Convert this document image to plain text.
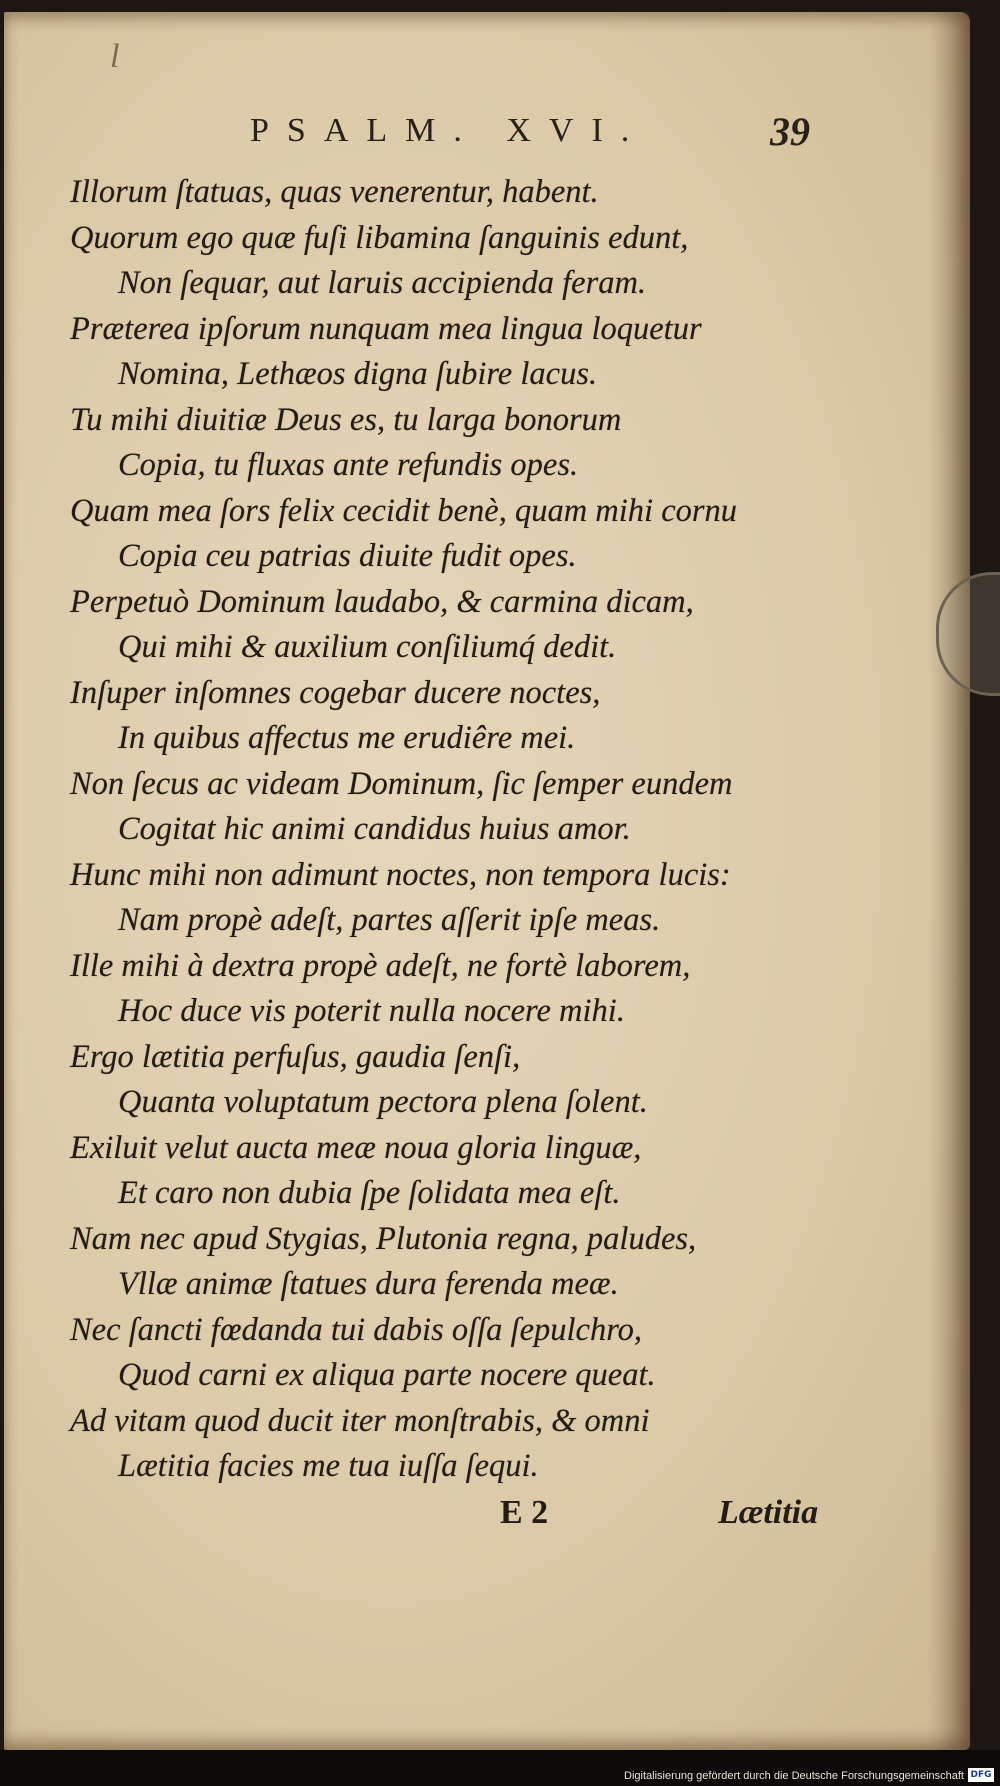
l
PSALM. XVI.	39
Illorum ſtatuas, quas venerentur, habent.
Quorum ego quæ fuſi libamina ſanguinis edunt,
Non ſequar, aut laruis accipienda feram.
Præterea ipſorum nunquam mea lingua loquetur
Nomina, Lethæos digna ſubire lacus.
Tu mihi diuitiæ Deus es, tu larga bonorum
Copia, tu fluxas ante refundis opes.
Quam mea ſors felix cecidit benè, quam mihi cornu
Copia ceu patrias diuite fudit opes.
Perpetuò Dominum laudabo, & carmina dicam,
Qui mihi & auxilium conſiliumq́ dedit.
Inſuper inſomnes cogebar ducere noctes,
In quibus affectus me erudiêre mei.
Non ſecus ac videam Dominum, ſic ſemper eundem
Cogitat hic animi candidus huius amor.
Hunc mihi non adimunt noctes, non tempora lucis:
Nam propè adeſt, partes aſſerit ipſe meas.
Ille mihi à dextra propè adeſt, ne fortè laborem,
Hoc duce vis poterit nulla nocere mihi.
Ergo lætitia perfuſus, gaudia ſenſi,
Quanta voluptatum pectora plena ſolent.
Exiluit velut aucta meæ noua gloria linguæ,
Et caro non dubia ſpe ſolidata mea eſt.
Nam nec apud Stygias, Plutonia regna, paludes,
Vllæ animæ ſtatues dura ferenda meæ.
Nec ſancti fœdanda tui dabis oſſa ſepulchro,
Quod carni ex aliqua parte nocere queat.
Ad vitam quod ducit iter monſtrabis, & omni
Lætitia facies me tua iuſſa ſequi.
E 2	Lætitia
Digitalisierung gefördert durch die Deutsche Forschungsgemeinschaft DFG
